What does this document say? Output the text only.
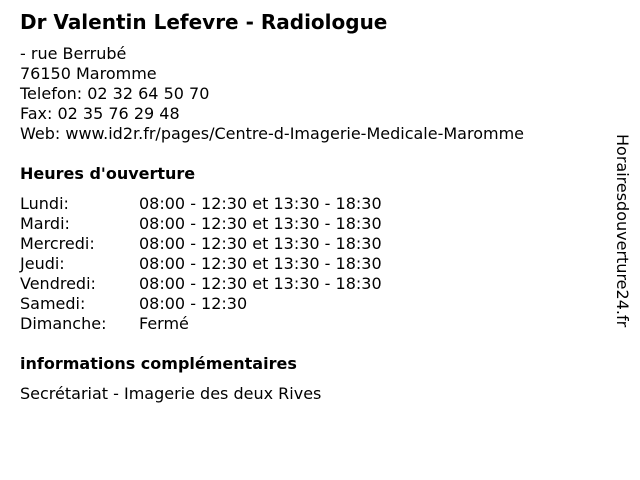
Dr Valentin Lefevre - Radiologue
- rue Berrubé
76150 Maromme
Telefon: 02 32 64 50 70
Fax: 02 35 76 29 48
Web: www.id2r.fr/pages/Centre-d-Imagerie-Medicale-Maromme
Heures d'ouverture
Lundi:	08:00 - 12:30 et 13:30 - 18:30
Mardi:	08:00 - 12:30 et 13:30 - 18:30
Mercredi:	08:00 - 12:30 et 13:30 - 18:30
Jeudi:	08:00 - 12:30 et 13:30 - 18:30
Vendredi:	08:00 - 12:30 et 13:30 - 18:30
Samedi:	08:00 - 12:30
Dimanche: Fermé
informations complémentaires
Secrétariat - Imagerie des deux Rives
Horairesdouverture24.fr
